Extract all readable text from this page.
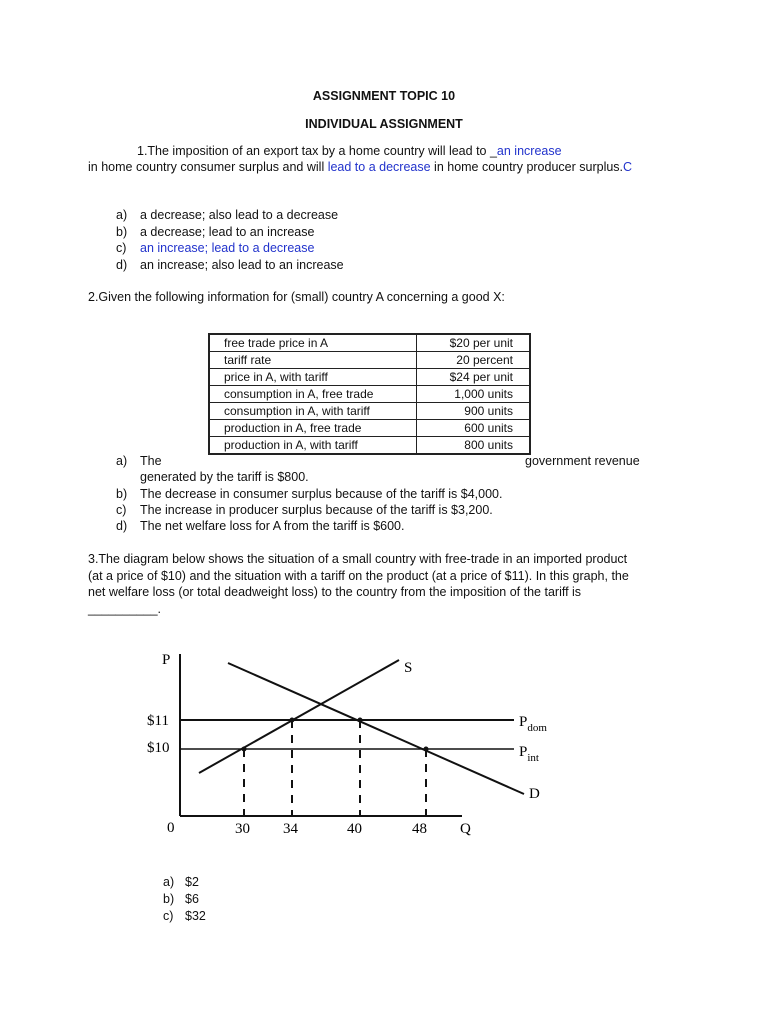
ASSIGNMENT TOPIC 10
INDIVIDUAL ASSIGNMENT
1.The imposition of an export tax by a home country will lead to _an increase
in home country consumer surplus and will lead to a decrease in home country producer surplus.C
a) a decrease; also lead to a decrease
b) a decrease; lead to an increase
c) an increase; lead to a decrease
d) an increase; also lead to an increase
2.Given the following information for (small) country A concerning a good X:
free trade price in A	$20 per unit
tariff rate	20 percent
price in A, with tariff	$24 per unit
consumption in A, free trade	1,000 units
consumption in A, with tariff	900 units
production in A, free trade	600 units
production in A, with tariff	800 units
a) The	government revenue
generated by the tariff is $800.
b) The decrease in consumer surplus because of the tariff is $4,000.
c) The increase in producer surplus because of the tariff is $3,200.
d) The net welfare loss for A from the tariff is $600.
3.The diagram below shows the situation of a small country with free-trade in an imported product
(at a price of $10) and the situation with a tariff on the product (at a price of $11). In this graph, the
net welfare loss (or total deadweight loss) to the country from the imposition of the tariff is
__________.
P	S
$11
$10
$P_{dom}$
$P_{int}$
D
0	30 34	40	48 Q
a) $2
b) $6
c) $32
